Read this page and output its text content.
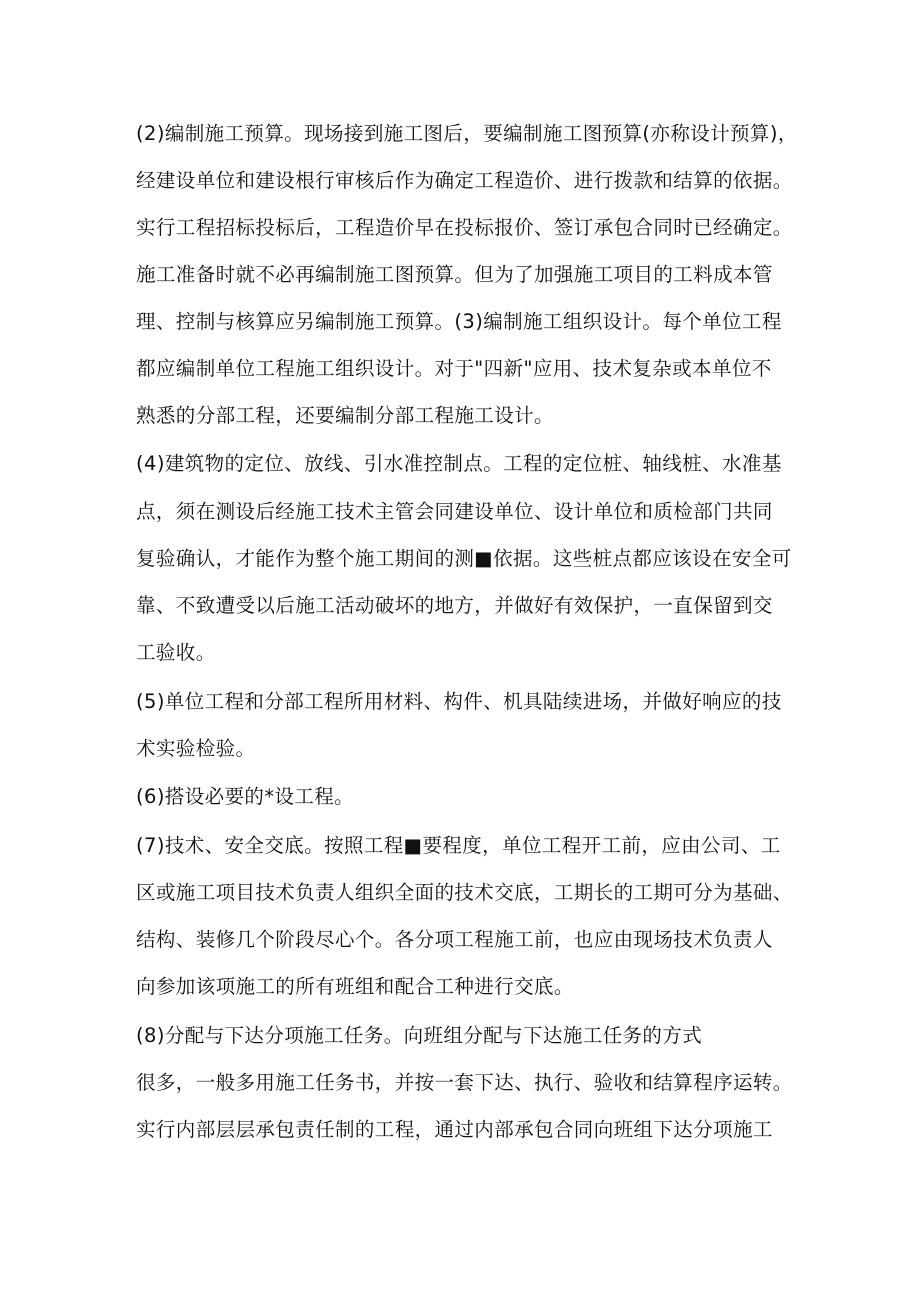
(2)编制施工预算。现场接到施工图后，要编制施工图预算(亦称设计预算)，
经建设单位和建设根行审核后作为确定工程造价、进行拨款和结算的依据。
实行工程招标投标后，工程造价早在投标报价、签订承包合同时已经确定。
施工准备时就不必再编制施工图预算。但为了加强施工项目的工料成本管
理、控制与核算应另编制施工预算。(3)编制施工组织设计。每个单位工程
都应编制单位工程施工组织设计。对于"四新"应用、技术复杂或本单位不
熟悉的分部工程，还要编制分部工程施工设计。
(4)建筑物的定位、放线、引水准控制点。工程的定位桩、轴线桩、水准基
点，须在测设后经施工技术主管会同建设单位、设计单位和质检部门共同
复验确认，才能作为整个施工期间的测■依据。这些桩点都应该设在安全可
靠、不致遭受以后施工活动破坏的地方，并做好有效保护，一直保留到交
工验收。
(5)单位工程和分部工程所用材料、构件、机具陆续进场，并做好响应的技
术实验检验。
(6)搭设必要的*设工程。
(7)技术、安全交底。按照工程■要程度，单位工程开工前，应由公司、工
区或施工项目技术负责人组织全面的技术交底，工期长的工期可分为基础、
结构、装修几个阶段尽心个。各分项工程施工前，也应由现场技术负责人
向参加该项施工的所有班组和配合工种进行交底。
(8)分配与下达分项施工任务。向班组分配与下达施工任务的方式
很多，一般多用施工任务书，并按一套下达、执行、验收和结算程序运转。
实行内部层层承包责任制的工程，通过内部承包合同向班组下达分项施工
